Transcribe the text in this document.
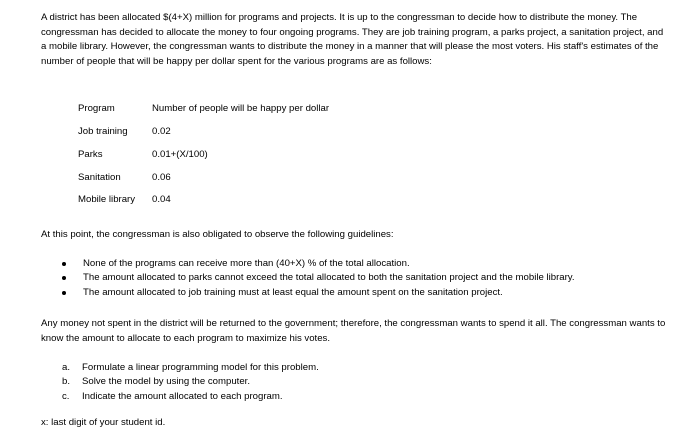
A district has been allocated $(4+X) million for programs and projects. It is up to the congressman to decide how to distribute the money. The congressman has decided to allocate the money to four ongoing programs. They are job training program, a parks project, a sanitation project, and a mobile library. However, the congressman wants to distribute the money in a manner that will please the most voters. His staff's estimates of the number of people that will be happy per dollar spent for the various programs are as follows:

Program	Number of people will be happy per dollar
Job training	0.02
Parks	0.01+(X/100)
Sanitation	0.06
Mobile library 0.04
At this point, the congressman is also obligated to observe the following guidelines:
None of the programs can receive more than (40+X) % of the total allocation.
The amount allocated to parks cannot exceed the total allocated to both the sanitation project and the mobile library.
The amount allocated to job training must at least equal the amount spent on the sanitation project.

Any money not spent in the district will be returned to the government; therefore, the congressman wants to spend it all. The congressman wants to know the amount to allocate to each program to maximize his votes.

a.	Formulate a linear programming model for this problem.
b.	Solve the model by using the computer.
c.	Indicate the amount allocated to each program.
x: last digit of your student id.
